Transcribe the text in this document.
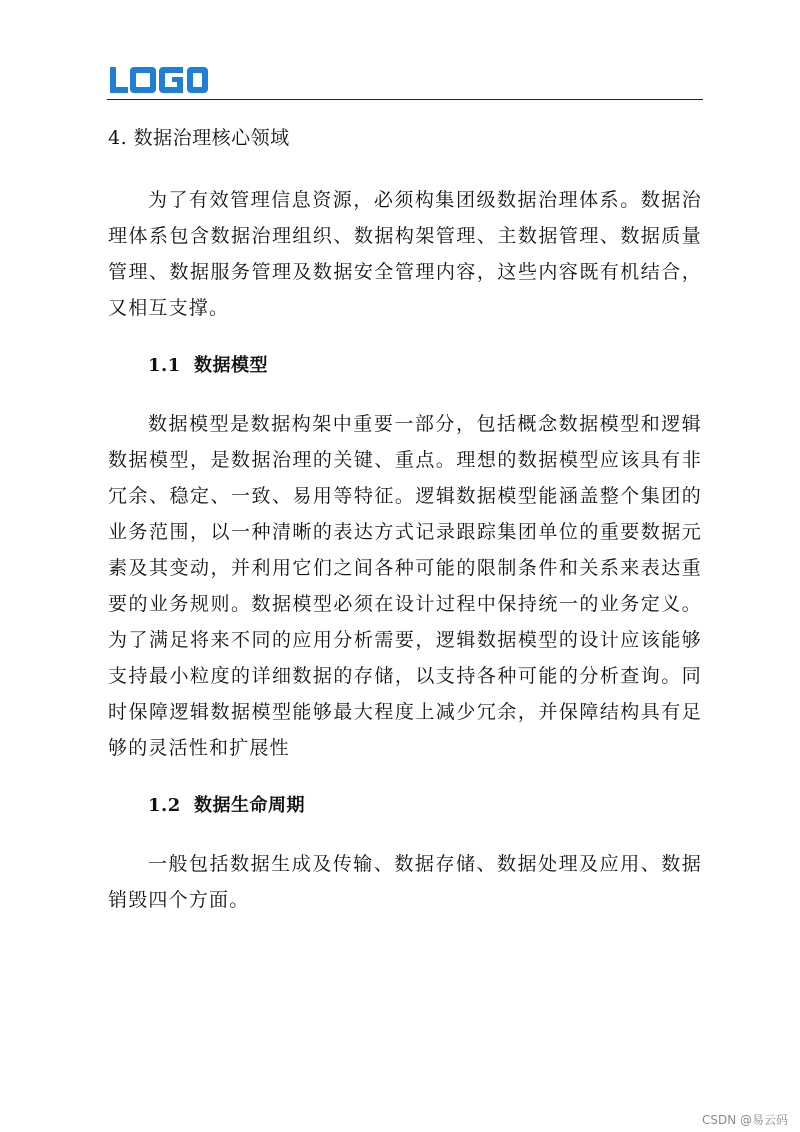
4. 数据治理核心领域

为了有效管理信息资源，必须构集团级数据治理体系。数据治理体系包含数据治理组织、数据构架管理、主数据管理、数据质量管理、数据服务管理及数据安全管理内容，这些内容既有机结合，又相互支撑。

1.1 数据模型

数据模型是数据构架中重要一部分，包括概念数据模型和逻辑数据模型，是数据治理的关键、重点。理想的数据模型应该具有非冗余、稳定、一致、易用等特征。逻辑数据模型能涵盖整个集团的业务范围，以一种清晰的表达方式记录跟踪集团单位的重要数据元素及其变动，并利用它们之间各种可能的限制条件和关系来表达重要的业务规则。数据模型必须在设计过程中保持统一的业务定义。为了满足将来不同的应用分析需要，逻辑数据模型的设计应该能够支持最小粒度的详细数据的存储，以支持各种可能的分析查询。同时保障逻辑数据模型能够最大程度上减少冗余，并保障结构具有足够的灵活性和扩展性

1.2 数据生命周期

一般包括数据生成及传输、数据存储、数据处理及应用、数据销毁四个方面。

CSDN @易云码
